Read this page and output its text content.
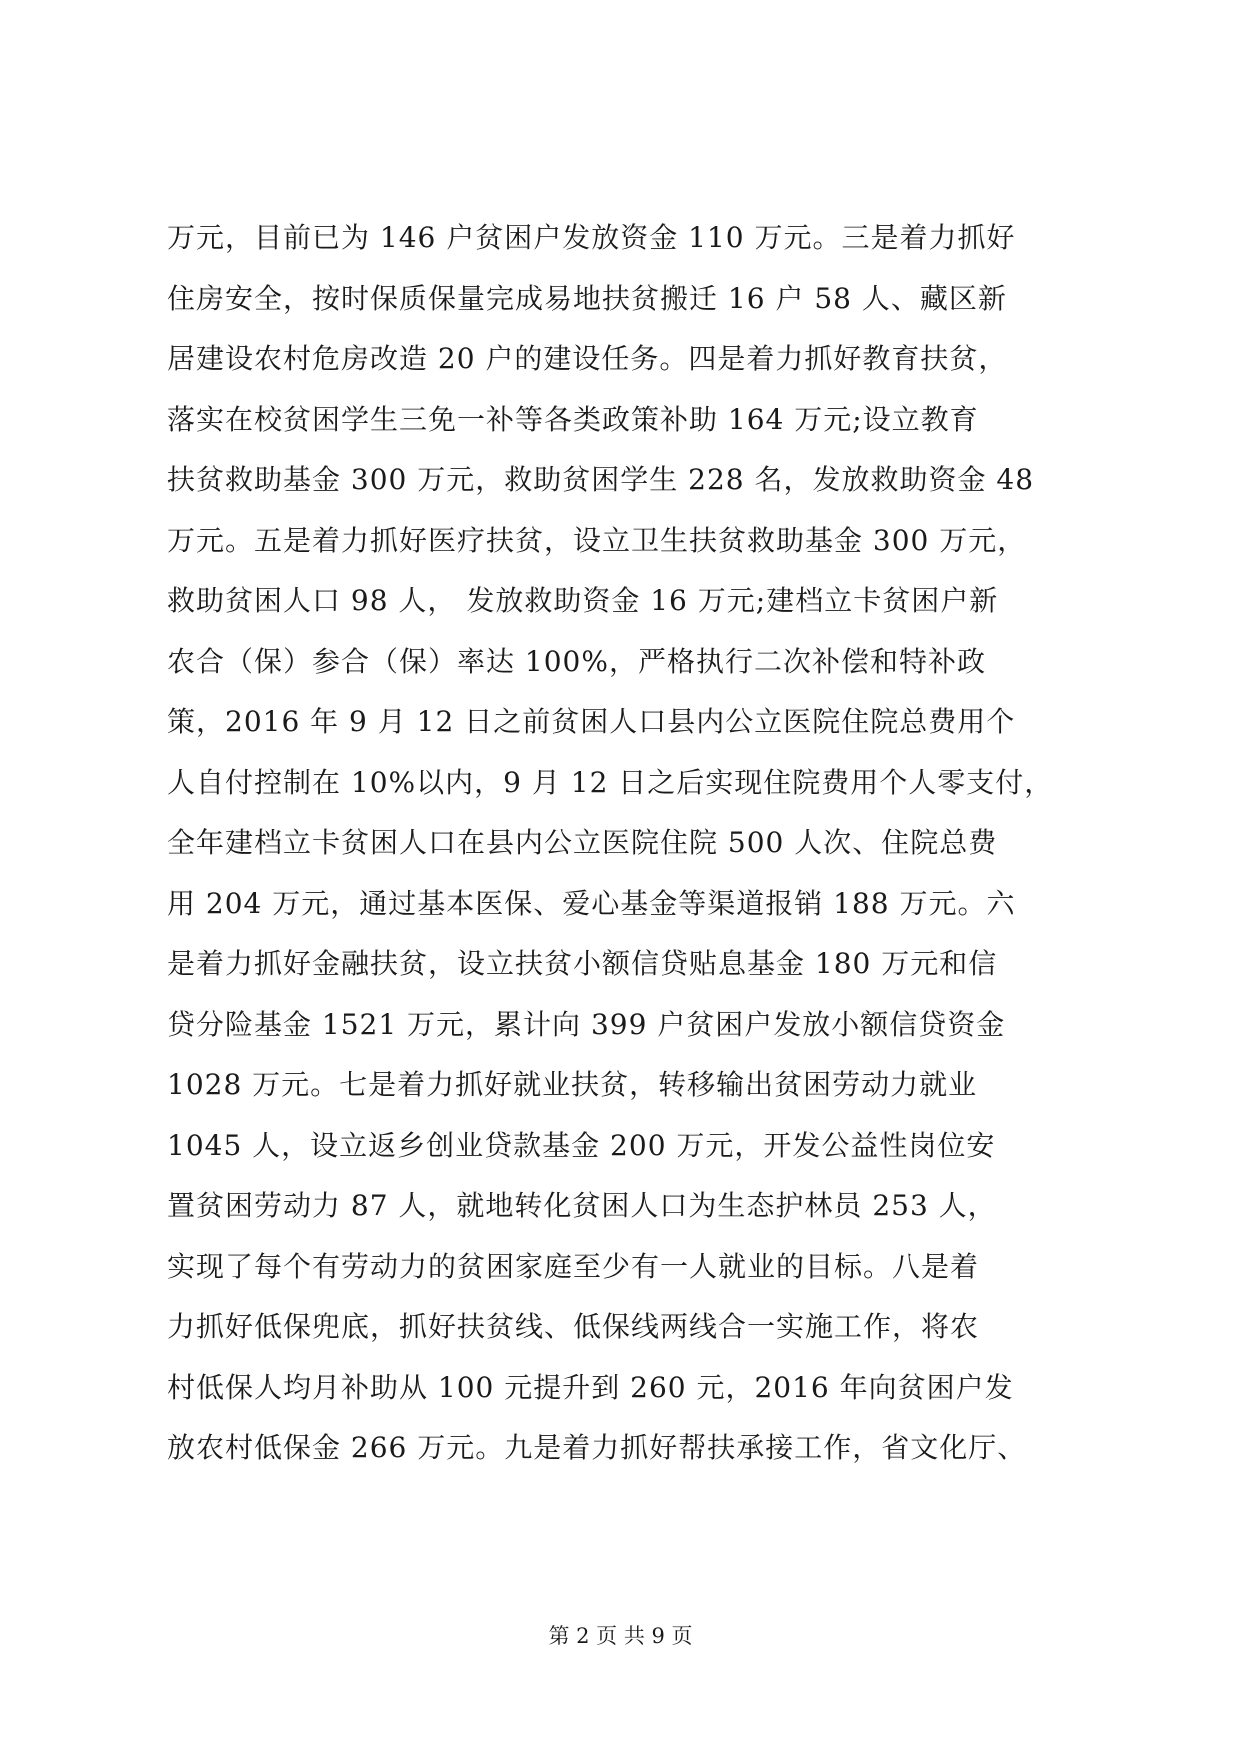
万元，目前已为 146 户贫困户发放资金 110 万元。三是着力抓好
住房安全，按时保质保量完成易地扶贫搬迁 16 户 58 人、藏区新
居建设农村危房改造 20 户的建设任务。四是着力抓好教育扶贫，
落实在校贫困学生三免一补等各类政策补助 164 万元;设立教育
扶贫救助基金 300 万元，救助贫困学生 228 名，发放救助资金 48
万元。五是着力抓好医疗扶贫，设立卫生扶贫救助基金 300 万元，
救助贫困人口 98 人， 发放救助资金 16 万元;建档立卡贫困户新
农合（保）参合（保）率达 100%，严格执行二次补偿和特补政
策，2016 年 9 月 12 日之前贫困人口县内公立医院住院总费用个
人自付控制在 10%以内，9 月 12 日之后实现住院费用个人零支付，
全年建档立卡贫困人口在县内公立医院住院 500 人次、住院总费
用 204 万元，通过基本医保、爱心基金等渠道报销 188 万元。六
是着力抓好金融扶贫，设立扶贫小额信贷贴息基金 180 万元和信
贷分险基金 1521 万元，累计向 399 户贫困户发放小额信贷资金
1028 万元。七是着力抓好就业扶贫，转移输出贫困劳动力就业
1045 人，设立返乡创业贷款基金 200 万元，开发公益性岗位安
置贫困劳动力 87 人，就地转化贫困人口为生态护林员 253 人，
实现了每个有劳动力的贫困家庭至少有一人就业的目标。八是着
力抓好低保兜底，抓好扶贫线、低保线两线合一实施工作，将农
村低保人均月补助从 100 元提升到 260 元，2016 年向贫困户发
放农村低保金 266 万元。九是着力抓好帮扶承接工作，省文化厅、
第 2 页 共 9 页
